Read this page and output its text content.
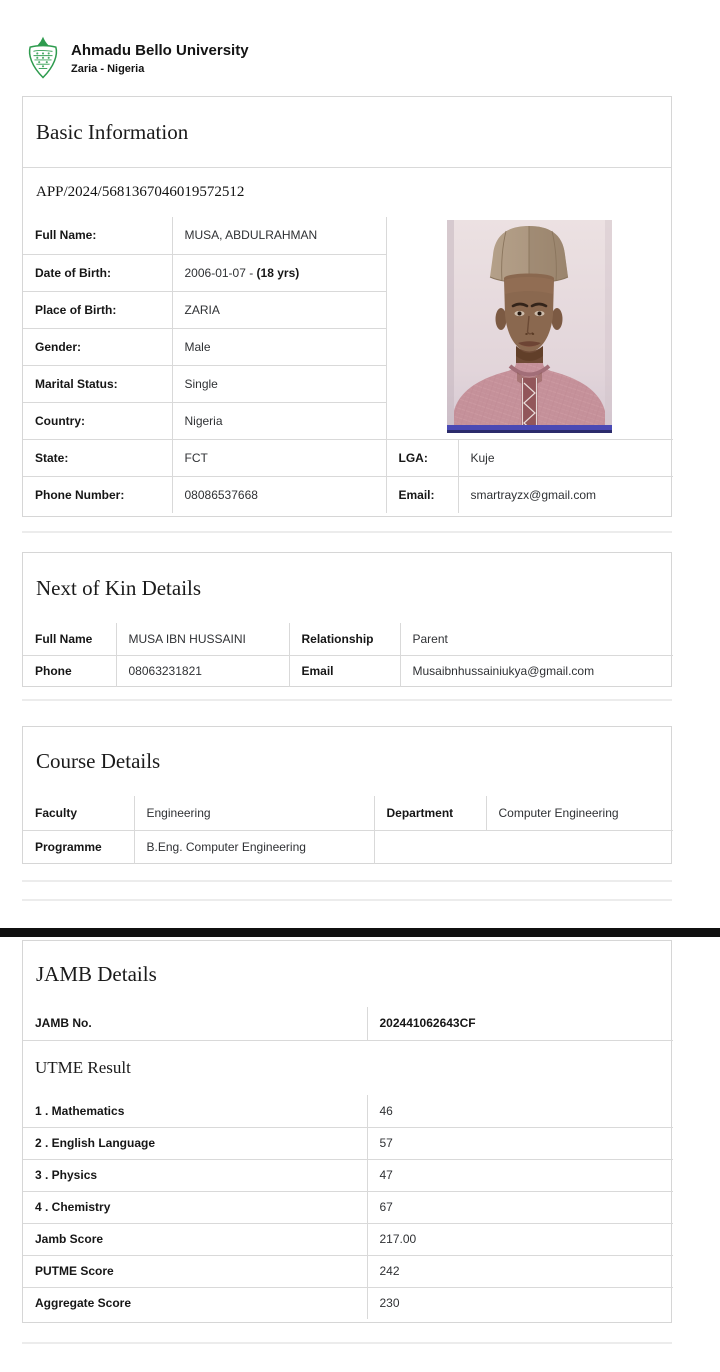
Ahmadu Bello University
Zaria - Nigeria
Basic Information
APP/2024/5681367046019572512
Full Name:	MUSA, ABDULRAHMAN	
Date of Birth:	2006-01-07 - (18 yrs)		
Place of Birth:	ZARIA		
Gender:	Male		
Marital Status:	Single		
Country:	Nigeria		
State:	FCT	LGA:	Kuje
Phone Number:	08086537668	Email:	smartrayzx@gmail.com
Next of Kin Details
Full Name	MUSA IBN HUSSAINI	Relationship	Parent
Phone	08063231821	Email	Musaibnhussainiukya@gmail.com
Course Details
Faculty	Engineering	Department	Computer Engineering
Programme	B.Eng. Computer Engineering		
JAMB Details
JAMB No.	202441062643CF
UTME Result
1 . Mathematics	46
2 . English Language	57
3 . Physics	47
4 . Chemistry	67
Jamb Score	217.00
PUTME Score	242
Aggregate Score	230
